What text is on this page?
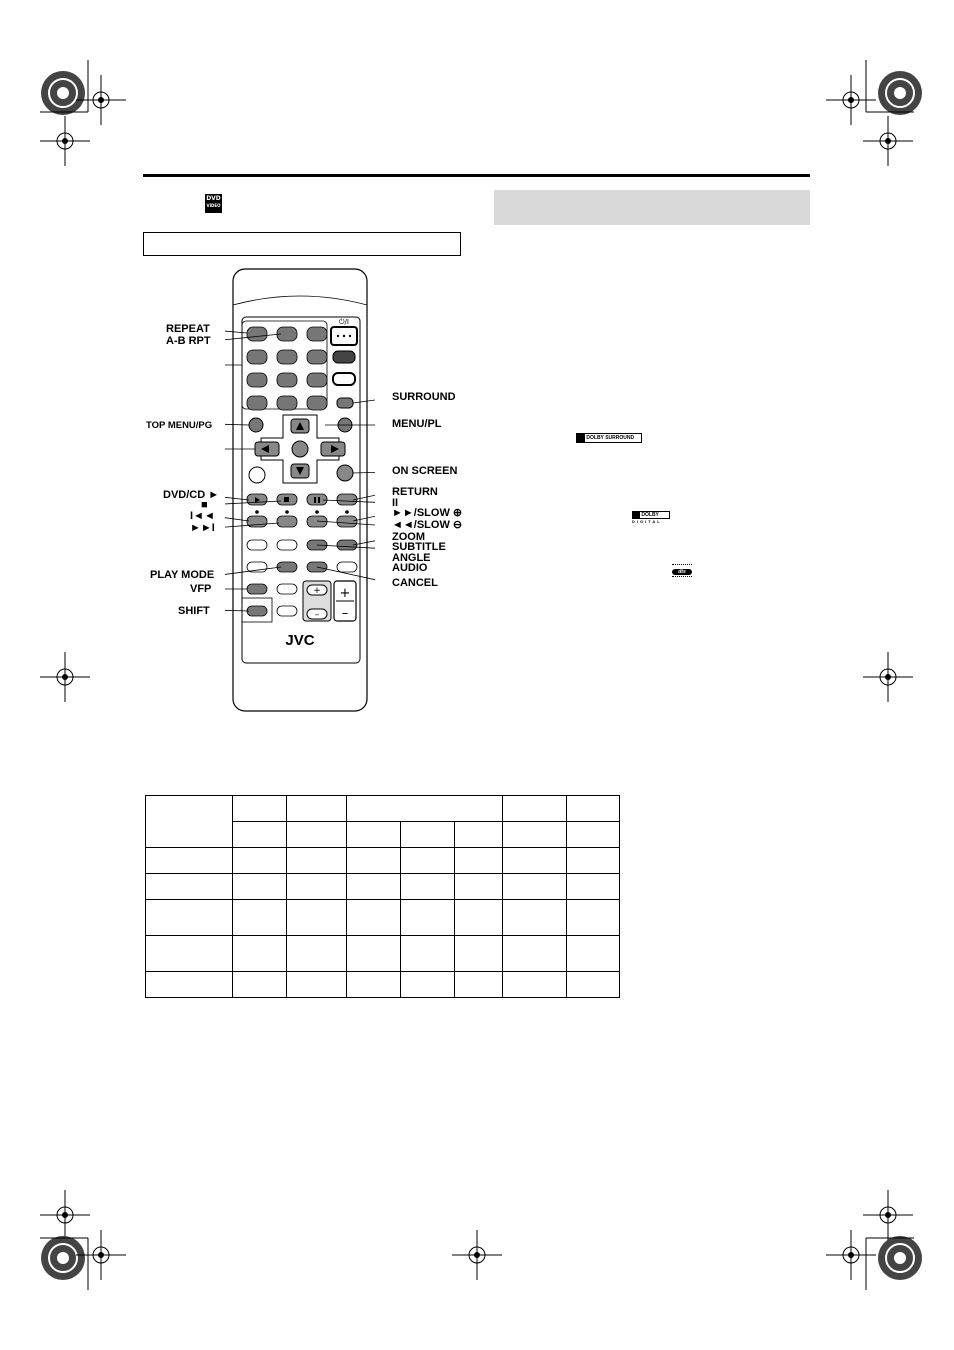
DVD
VIDEO
⏻/I
+
–
+
–
JVC
REPEAT
A-B RPT
TOP MENU/PG
DVD/CD ►
■
I◄◄
►►I
PLAY MODE
VFP
SHIFT
SURROUND
MENU/PL
ON SCREEN
RETURN
II
►►/SLOW ⊕
◄◄/SLOW ⊖
ZOOM
SUBTITLE
ANGLE
AUDIO
CANCEL
DOLBY SURROUND
DOLBY
DIGITAL
dts
